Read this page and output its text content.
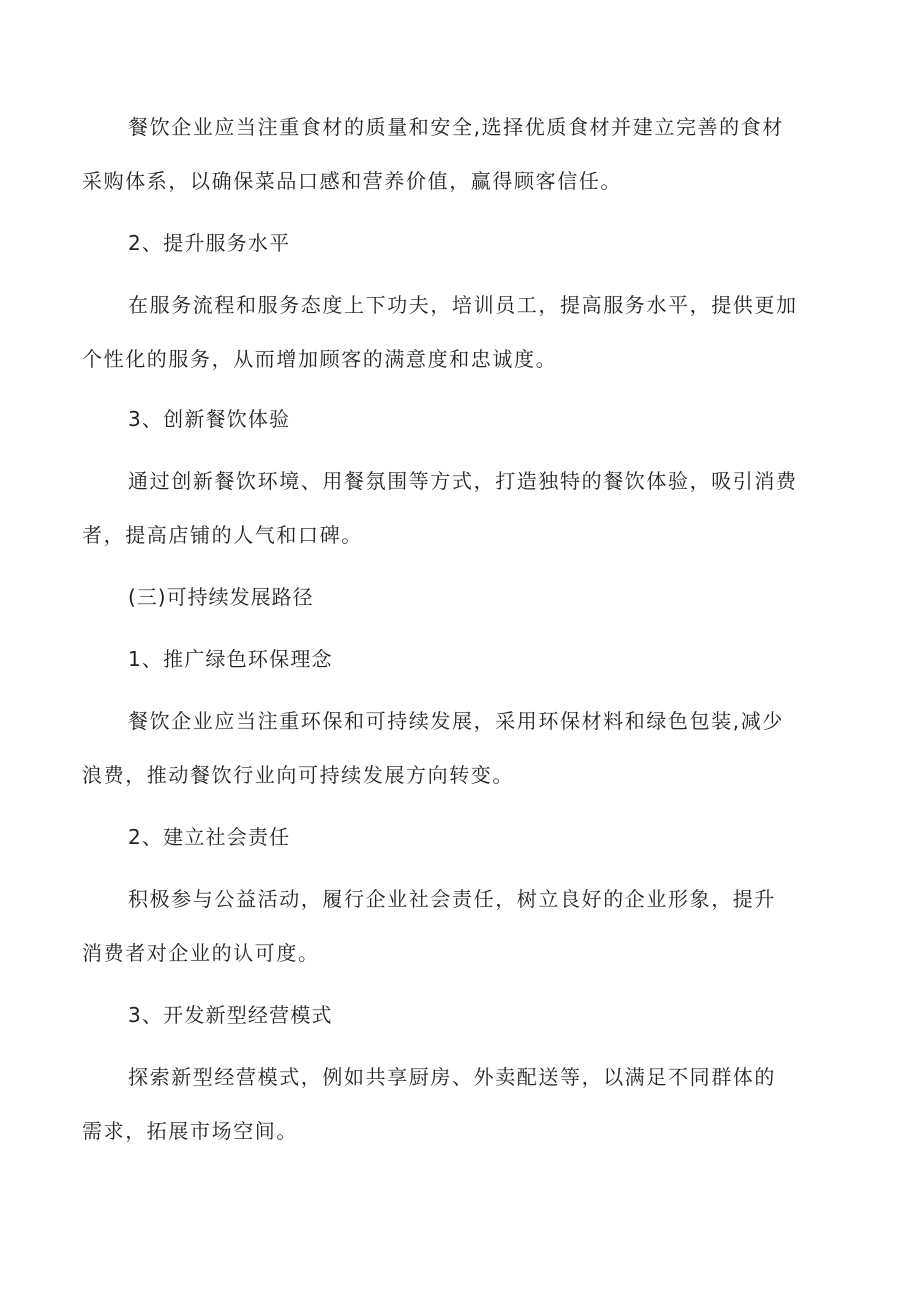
餐饮企业应当注重食材的质量和安全,选择优质食材并建立完善的食材
采购体系，以确保菜品口感和营养价值，赢得顾客信任。
2、提升服务水平
在服务流程和服务态度上下功夫，培训员工，提高服务水平，提供更加
个性化的服务，从而增加顾客的满意度和忠诚度。
3、创新餐饮体验
通过创新餐饮环境、用餐氛围等方式，打造独特的餐饮体验，吸引消费
者，提高店铺的人气和口碑。
(三)可持续发展路径
1、推广绿色环保理念
餐饮企业应当注重环保和可持续发展，采用环保材料和绿色包装,减少
浪费，推动餐饮行业向可持续发展方向转变。
2、建立社会责任
积极参与公益活动，履行企业社会责任，树立良好的企业形象，提升
消费者对企业的认可度。
3、开发新型经营模式
探索新型经营模式，例如共享厨房、外卖配送等，以满足不同群体的
需求，拓展市场空间。
